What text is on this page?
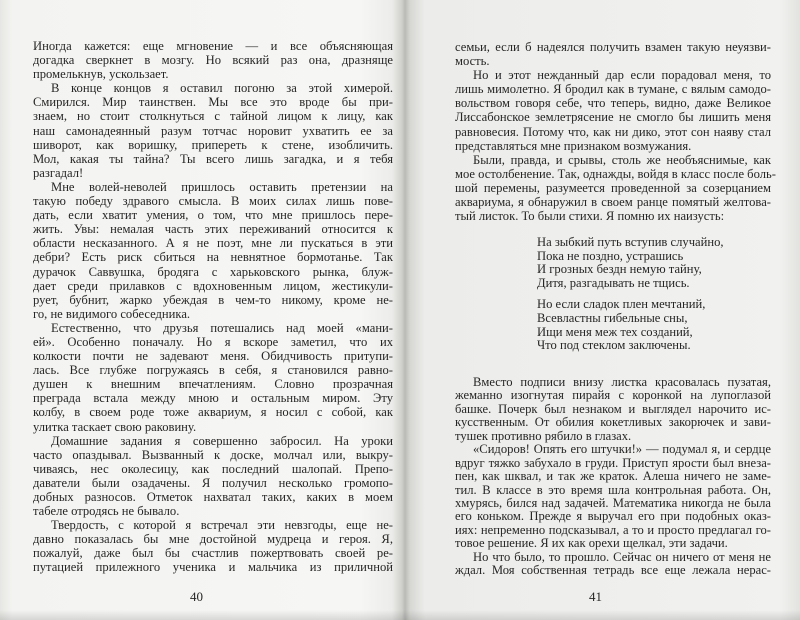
Иногда кажется: еще мгновение — и все объясняющая
догадка сверкнет в мозгу. Но всякий раз она, дразняще
промелькнув, ускользает.
В конце концов я оставил погоню за этой химерой.
Смирился. Мир таинствен. Мы все это вроде бы при-
знаем, но стоит столкнуться с тайной лицом к лицу, как
наш самонадеянный разум тотчас норовит ухватить ее за
шиворот, как воришку, припереть к стене, изобличить.
Мол, какая ты тайна? Ты всего лишь загадка, и я тебя
разгадал!
Мне волей-неволей пришлось оставить претензии на
такую победу здравого смысла. В моих силах лишь пове-
дать, если хватит умения, о том, что мне пришлось пере-
жить. Увы: немалая часть этих переживаний относится к
области несказанного. А я не поэт, мне ли пускаться в эти
дебри? Есть риск сбиться на невнятное бормотанье. Так
дурачок Саввушка, бродяга с харьковского рынка, блуж-
дает среди прилавков с вдохновенным лицом, жестикули-
рует, бубнит, жарко убеждая в чем-то никому, кроме не-
го, не видимого собеседника.
Естественно, что друзья потешались над моей «мани-
ей». Особенно поначалу. Но я вскоре заметил, что их
колкости почти не задевают меня. Обидчивость притупи-
лась. Все глубже погружаясь в себя, я становился равно-
душен к внешним впечатлениям. Словно прозрачная
преграда встала между мною и остальным миром. Эту
колбу, в своем роде тоже аквариум, я носил с собой, как
улитка таскает свою раковину.
Домашние задания я совершенно забросил. На уроки
часто опаздывал. Вызванный к доске, молчал или, выкру-
чиваясь, нес околесицу, как последний шалопай. Препо-
даватели были озадачены. Я получил несколько громопо-
добных разносов. Отметок нахватал таких, каких в моем
табеле отродясь не бывало.
Твердость, с которой я встречал эти невзгоды, еще не-
давно показалась бы мне достойной мудреца и героя. Я,
пожалуй, даже был бы счастлив пожертвовать своей ре-
путацией прилежного ученика и мальчика из приличной
40
семьи, если б надеялся получить взамен такую неуязви-
мость.
Но и этот нежданный дар если порадовал меня, то
лишь мимолетно. Я бродил как в тумане, с вялым самодо-
вольством говоря себе, что теперь, видно, даже Великое
Лиссабонское землетрясение не смогло бы лишить меня
равновесия. Потому что, как ни дико, этот сон наяву стал
представляться мне признаком возмужания.
Были, правда, и срывы, столь же необъяснимые, как
мое остолбенение. Так, однажды, войдя в класс после боль-
шой перемены, разумеется проведенной за созерцанием
аквариума, я обнаружил в своем ранце помятый желтова-
тый листок. То были стихи. Я помню их наизусть:
На зыбкий путь вступив случайно,
Пока не поздно, устрашись
И грозных бездн немую тайну,
Дитя, разгадывать не тщись.
Но если сладок плен мечтаний,
Всевластны гибельные сны,
Ищи меня меж тех созданий,
Что под стеклом заключены.
Вместо подписи внизу листка красовалась пузатая,
жеманно изогнутая пирайя с коронкой на лупоглазой
башке. Почерк был незнаком и выглядел нарочито ис-
кусственным. От обилия кокетливых закорючек и зави-
тушек противно рябило в глазах.
«Сидоров! Опять его штучки!» — подумал я, и сердце
вдруг тяжко забухало в груди. Приступ ярости был внеза-
пен, как шквал, и так же краток. Алеша ничего не заме-
тил. В классе в это время шла контрольная работа. Он,
хмурясь, бился над задачей. Математика никогда не была
его коньком. Прежде я выручал его при подобных оказ-
иях: непременно подсказывал, а то и просто предлагал го-
товое решение. Я их как орехи щелкал, эти задачи.
Но что было, то прошло. Сейчас он ничего от меня не
ждал. Моя собственная тетрадь все еще лежала нерас-
41
